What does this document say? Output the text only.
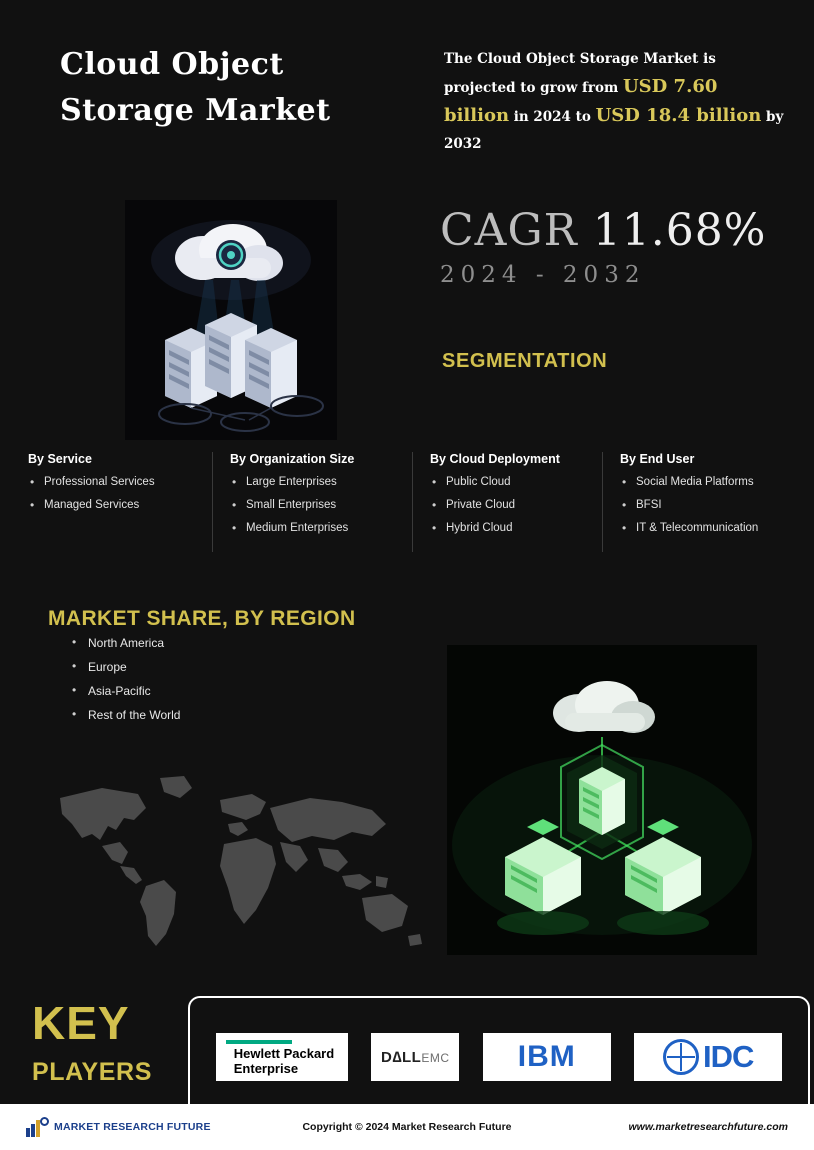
Cloud Object Storage Market
The Cloud Object Storage Market is projected to grow from USD 7.60 billion in 2024 to USD 18.4 billion by 2032
CAGR 11.68%
2024 - 2032
SEGMENTATION
By Service
• Professional Services
• Managed Services
By Organization Size
• Large Enterprises
• Small Enterprises
• Medium Enterprises
By Cloud Deployment
• Public Cloud
• Private Cloud
• Hybrid Cloud
By End User
• Social Media Platforms
• BFSI
• IT & Telecommunication
MARKET SHARE, BY REGION
• North America
• Europe
• Asia-Pacific
• Rest of the World
KEY
PLAYERS
Hewlett Packard
Enterprise
D∆LLEMC IBM	IDC
MARKET RESEARCH FUTURE	Copyright © 2024 Market Research Future	www.marketresearchfuture.com
